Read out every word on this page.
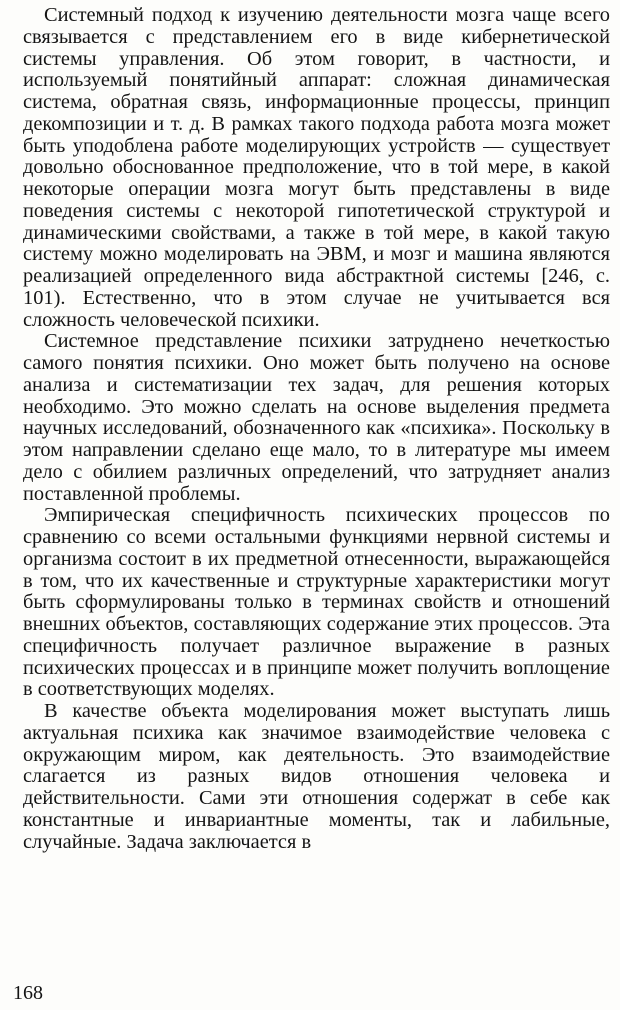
Системный подход к изучению деятельности мозга чаще всего связывается с представлением его в виде кибернетической системы управления. Об этом говорит, в частности, и используемый понятийный аппарат: сложная динамическая система, обратная связь, информационные процессы, принцип декомпозиции и т. д. В рамках такого подхода работа мозга может быть уподоблена работе моделирующих устройств — существует довольно обоснованное предположение, что в той мере, в какой некоторые операции мозга могут быть представлены в виде поведения системы с некоторой гипотетической структурой и динамическими свойствами, а также в той мере, в какой такую систему можно моделировать на ЭВМ, и мозг и машина являются реализацией определенного вида абстрактной системы [246, с. 101). Естественно, что в этом случае не учитывается вся сложность человеческой психики.

Системное представление психики затруднено нечеткостью самого понятия психики. Оно может быть получено на основе анализа и систематизации тех задач, для решения которых необходимо. Это можно сделать на основе выделения предмета научных исследований, обозначенного как «психика». Поскольку в этом направлении сделано еще мало, то в литературе мы имеем дело с обилием различных определений, что затрудняет анализ поставленной проблемы.

Эмпирическая специфичность психических процессов по сравнению со всеми остальными функциями нервной системы и организма состоит в их предметной отнесенности, выражающейся в том, что их качественные и структурные характеристики могут быть сформулированы только в терминах свойств и отношений внешних объектов, составляющих содержание этих процессов. Эта специфичность получает различное выражение в разных психических процессах и в принципе может получить воплощение в соответствующих моделях.

В качестве объекта моделирования может выступать лишь актуальная психика как значимое взаимодействие человека с окружающим миром, как деятельность. Это взаимодействие слагается из разных видов отношения человека и действительности. Сами эти отношения содержат в себе как константные и инвариантные моменты, так и лабильные, случайные. Задача заключается в

168
